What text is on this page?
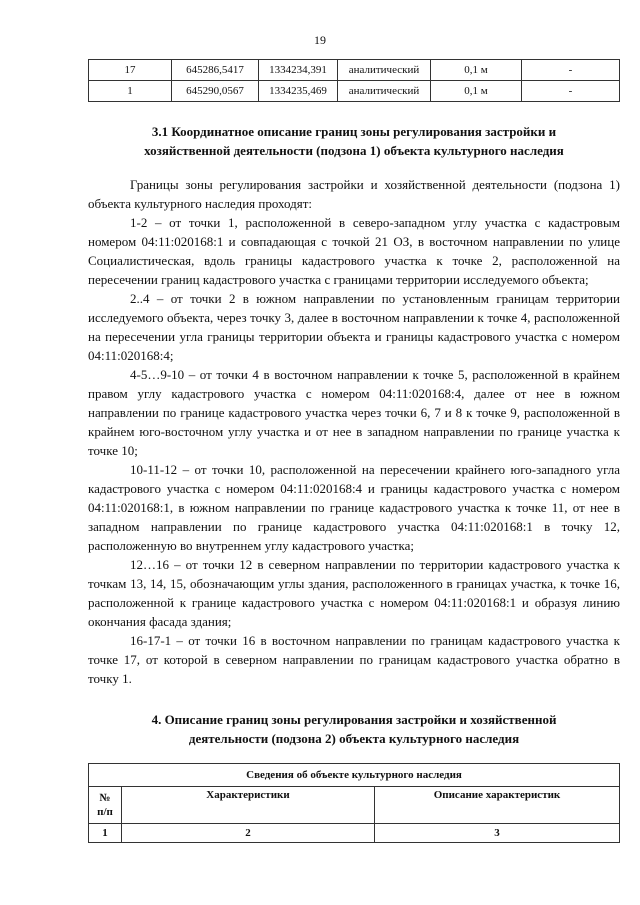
19
17	645286,5417	1334234,391	аналитический	0,1 м	-
1	645290,0567	1334235,469	аналитический	0,1 м	-
3.1 Координатное описание границ зоны регулирования застройки и
хозяйственной деятельности (подзона 1) объекта культурного наследия

Границы зоны регулирования застройки и хозяйственной деятельности (подзона 1) объекта культурного наследия проходят:

1-2 – от точки 1, расположенной в северо-западном углу участка с кадастровым номером 04:11:020168:1 и совпадающая с точкой 21 ОЗ, в восточном направлении по улице Социалистическая, вдоль границы кадастрового участка к точке 2, расположенной на пересечении границ кадастрового участка с границами территории исследуемого объекта;

2..4 – от точки 2 в южном направлении по установленным границам территории исследуемого объекта, через точку 3, далее в восточном направлении к точке 4, расположенной на пересечении угла границы территории объекта и границы кадастрового участка с номером 04:11:020168:4;

4-5…9-10 – от точки 4 в восточном направлении к точке 5, расположенной в крайнем правом углу кадастрового участка с номером 04:11:020168:4, далее от нее в южном направлении по границе кадастрового участка через точки 6, 7 и 8 к точке 9, расположенной в крайнем юго-восточном углу участка и от нее в западном направлении по границе участка к точке 10;

10-11-12 – от точки 10, расположенной на пересечении крайнего юго-западного угла кадастрового участка с номером 04:11:020168:4 и границы кадастрового участка с номером 04:11:020168:1, в южном направлении по границе кадастрового участка к точке 11, от нее в западном направлении по границе кадастрового участка 04:11:020168:1 в точку 12, расположенную во внутреннем углу кадастрового участка;

12…16 – от точки 12 в северном направлении по территории кадастрового участка к точкам 13, 14, 15, обозначающим углы здания, расположенного в границах участка, к точке 16, расположенной к границе кадастрового участка с номером 04:11:020168:1 и образуя линию окончания фасада здания;

16-17-1 – от точки 16 в восточном направлении по границам кадастрового участка к точке 17, от которой в северном направлении по границам кадастрового участка обратно в точку 1.

4. Описание границ зоны регулирования застройки и хозяйственной
деятельности (подзона 2) объекта культурного наследия
Сведения об объекте культурного наследия		
№
п/п	Характеристики	Описание характеристик
1	2	3
